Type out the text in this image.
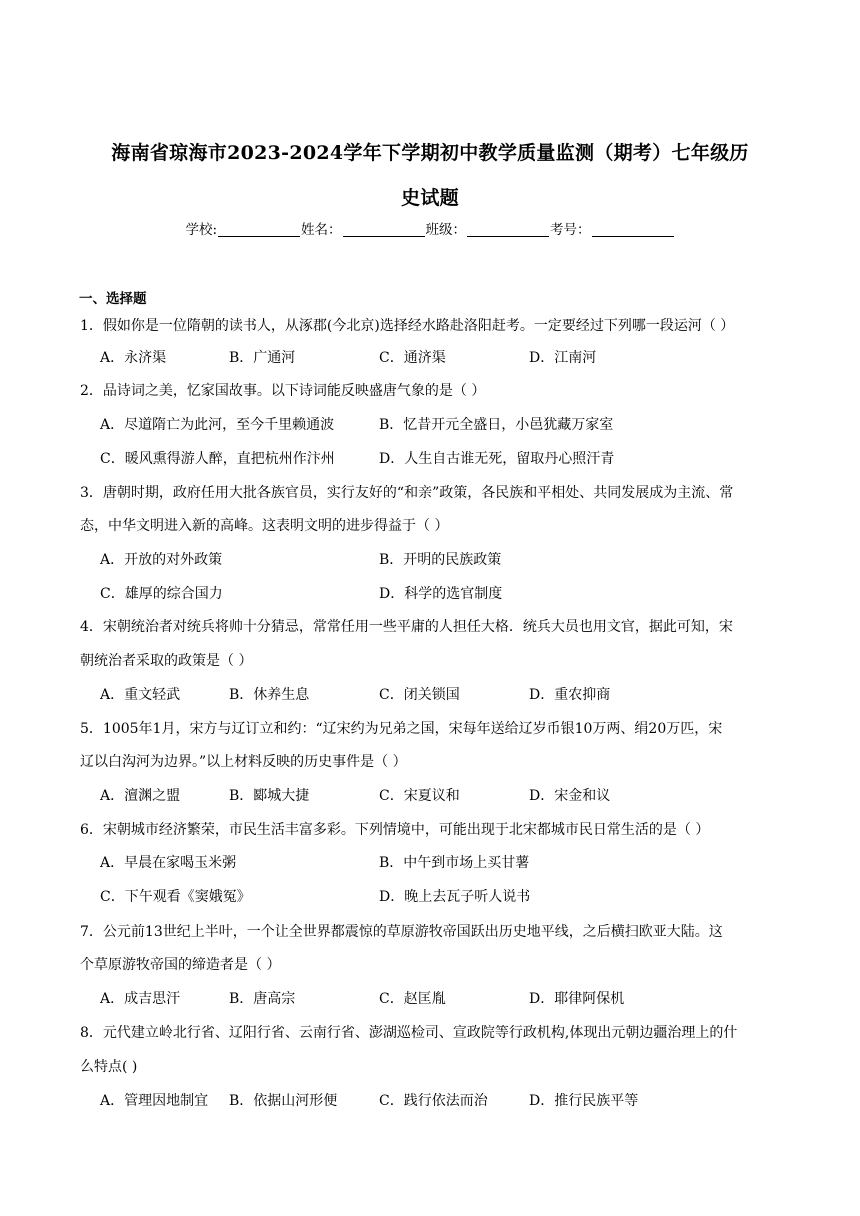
海南省琼海市2023-2024学年下学期初中教学质量监测（期考）七年级历
史试题
学校:	姓名：	班级：	考号：
一、选择题
1．假如你是一位隋朝的读书人，从涿郡(今北京)选择经水路赴洛阳赶考。一定要经过下列哪一段运河（ ）
A．永济渠	B．广通河	C．通济渠	D．江南河
2．品诗词之美，忆家国故事。以下诗词能反映盛唐气象的是（ ）
A．尽道隋亡为此河，至今千里赖通波	B．忆昔开元全盛日，小邑犹藏万家室
C．暖风熏得游人醉，直把杭州作汴州	D．人生自古谁无死，留取丹心照汗青
3．唐朝时期，政府任用大批各族官员，实行友好的“和亲”政策，各民族和平相处、共同发展成为主流、常
态，中华文明进入新的高峰。这表明文明的进步得益于（ ）
A．开放的对外政策	B．开明的民族政策
C．雄厚的综合国力	D．科学的选官制度
4．宋朝统治者对统兵将帅十分猜忌，常常任用一些平庸的人担任大格．统兵大员也用文官，据此可知，宋
朝统治者采取的政策是（ ）
A．重文轻武	B．休养生息	C．闭关锁国	D．重农抑商
5．1005年1月，宋方与辽订立和约：“辽宋约为兄弟之国，宋每年送给辽岁币银10万两、绢20万匹，宋
辽以白沟河为边界。”以上材料反映的历史事件是（ ）
A．澶渊之盟	B．郾城大捷	C．宋夏议和	D．宋金和议
6．宋朝城市经济繁荣，市民生活丰富多彩。下列情境中，可能出现于北宋都城市民日常生活的是（ ）
A．早晨在家喝玉米粥	B．中午到市场上买甘薯
C．下午观看《窦娥冤》	D．晚上去瓦子听人说书
7．公元前13世纪上半叶，一个让全世界都震惊的草原游牧帝国跃出历史地平线，之后横扫欧亚大陆。这
个草原游牧帝国的缔造者是（ ）
A．成吉思汗	B．唐高宗	C．赵匡胤	D．耶律阿保机
8．元代建立岭北行省、辽阳行省、云南行省、澎湖巡检司、宣政院等行政机构,体现出元朝边疆治理上的什
么特点( )
A．管理因地制宜 B．依据山河形便	C．践行依法而治	D．推行民族平等
